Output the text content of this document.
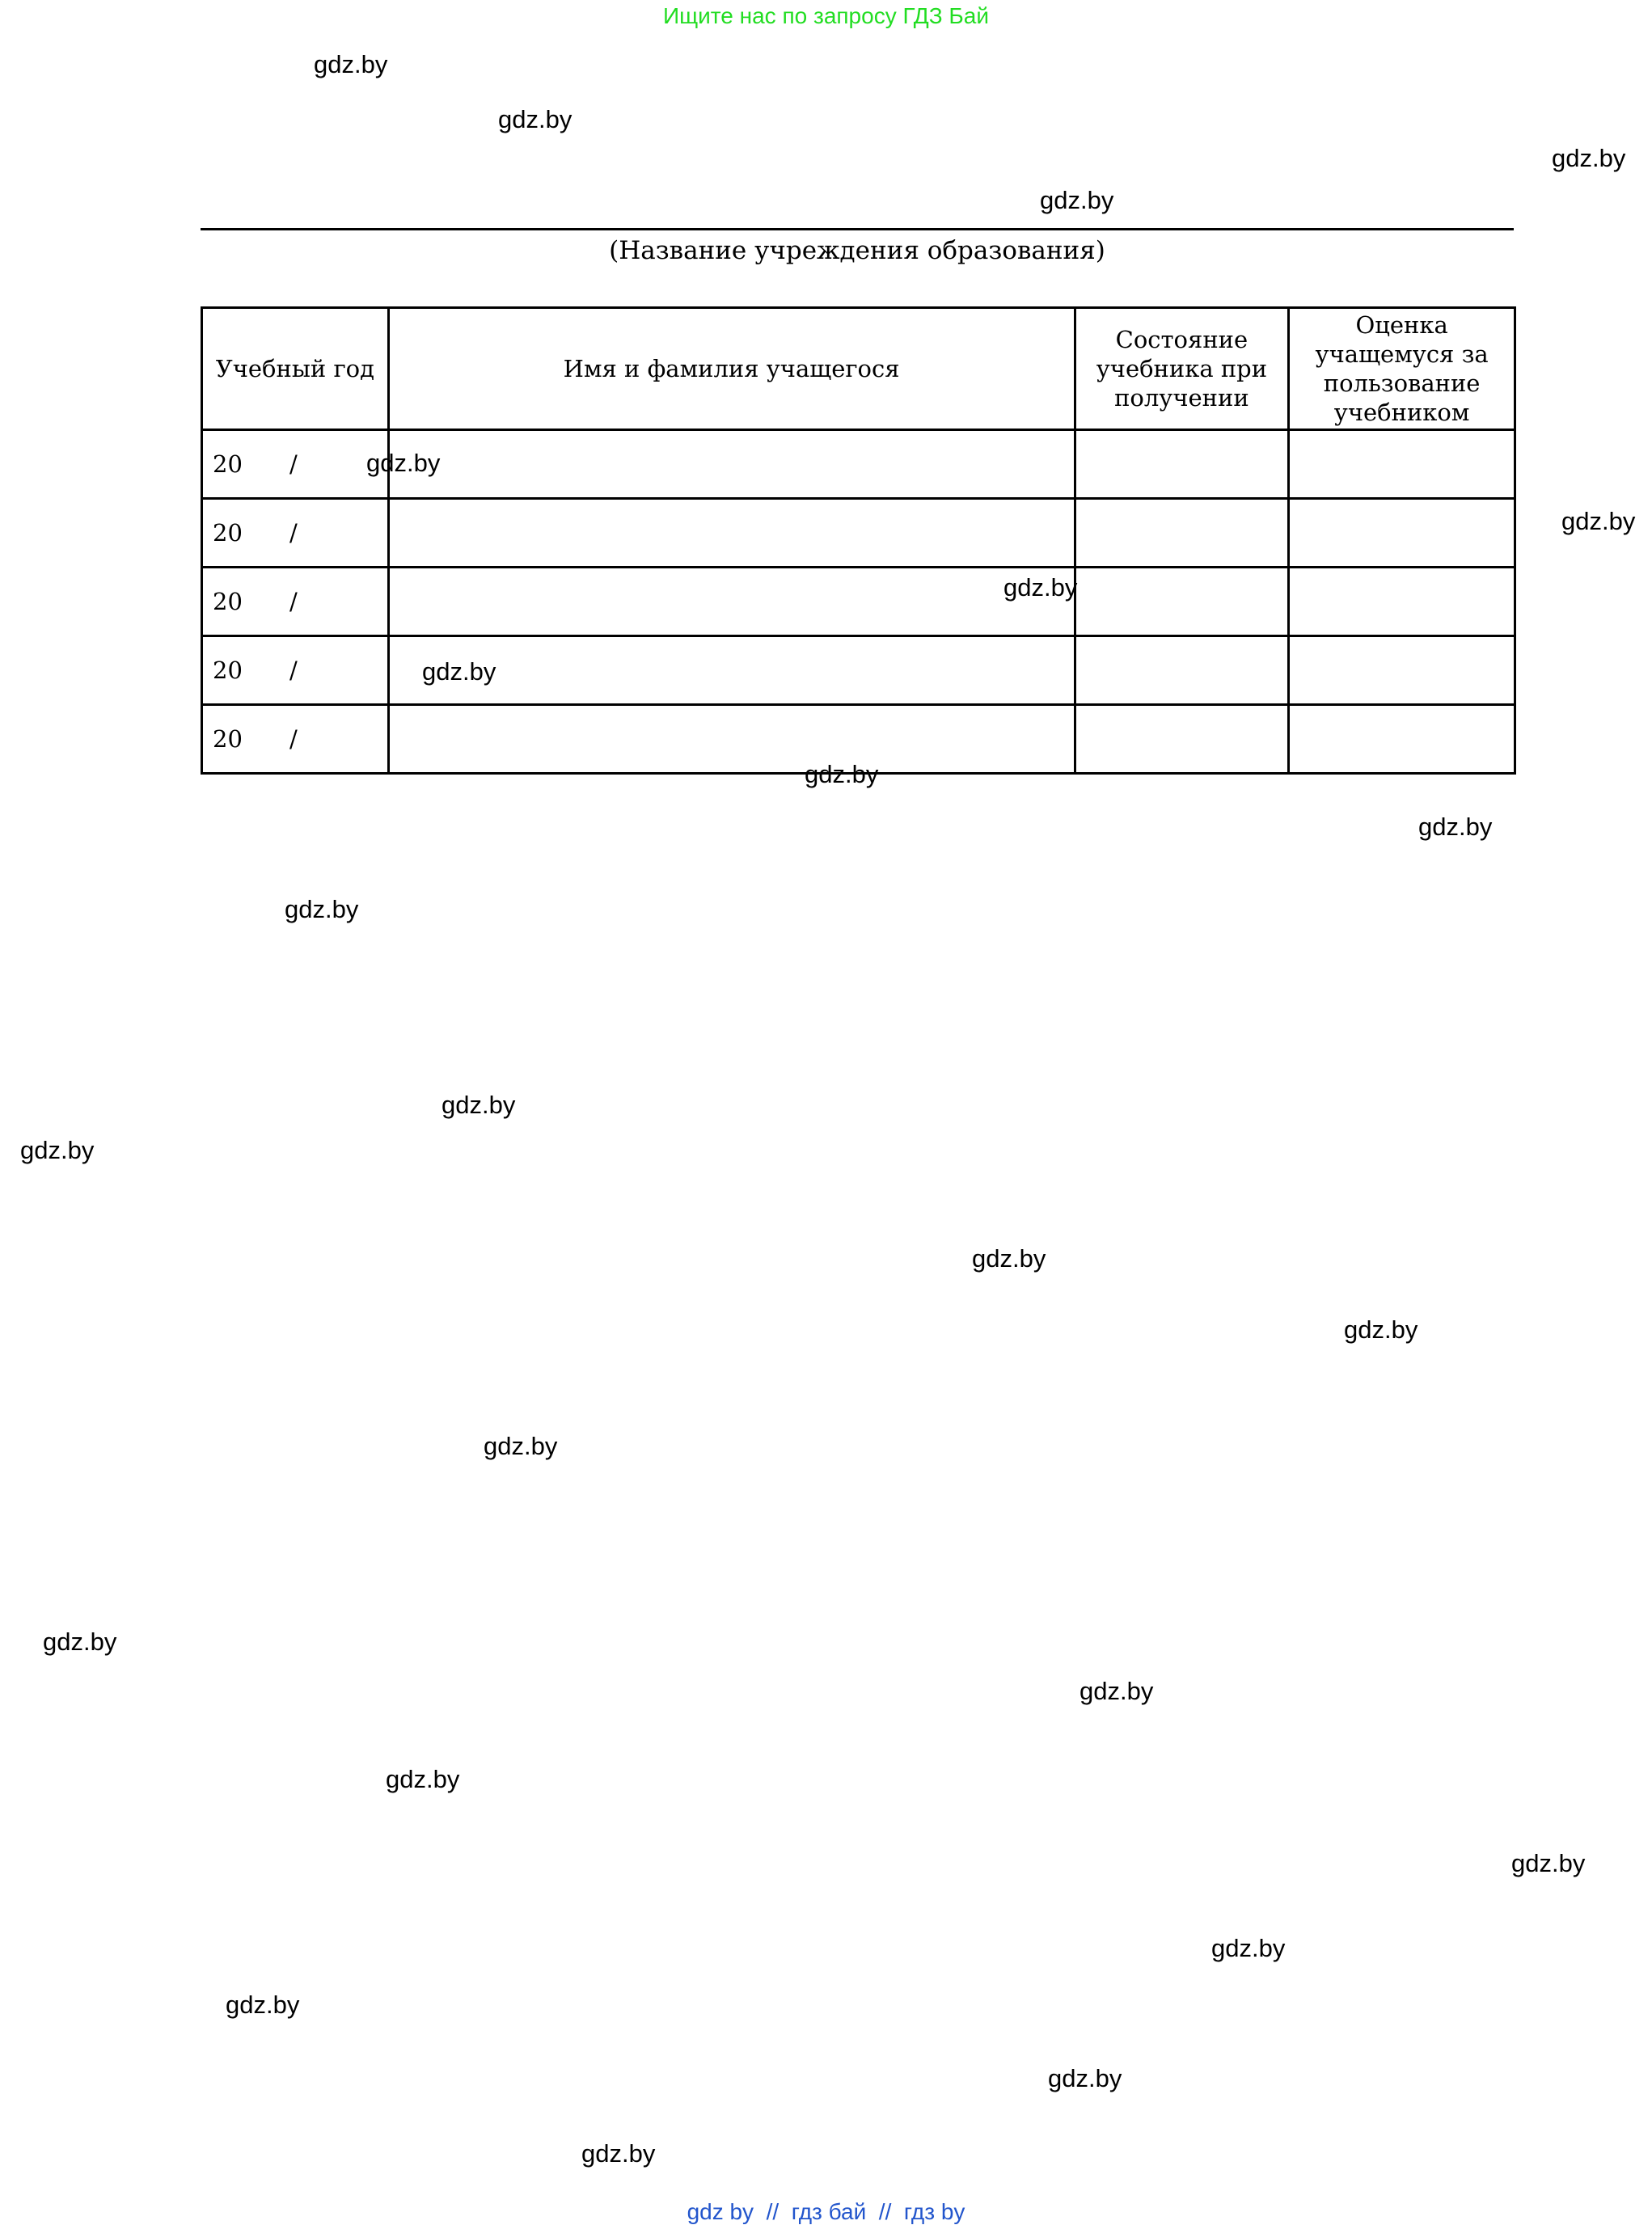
Ищите нас по запросу ГДЗ Бай
(Название учреждения образования)
Учебный год	Имя и фамилия учащегося	Состояние учебника при получении	Оценка учащемуся за пользование учебником
20 /			
20 /			
20 /			
20 /			
20 /			
gdz.by
gdz.by
gdz.by
gdz.by
gdz.by
gdz.by
gdz.by
gdz.by
gdz.by
gdz.by
gdz.by
gdz.by
gdz.by
gdz.by
gdz.by
gdz.by
gdz.by
gdz.by
gdz.by
gdz.by
gdz.by
gdz.by
gdz.by
gdz.by
gdz by  //  гдз бай  //  гдз by
